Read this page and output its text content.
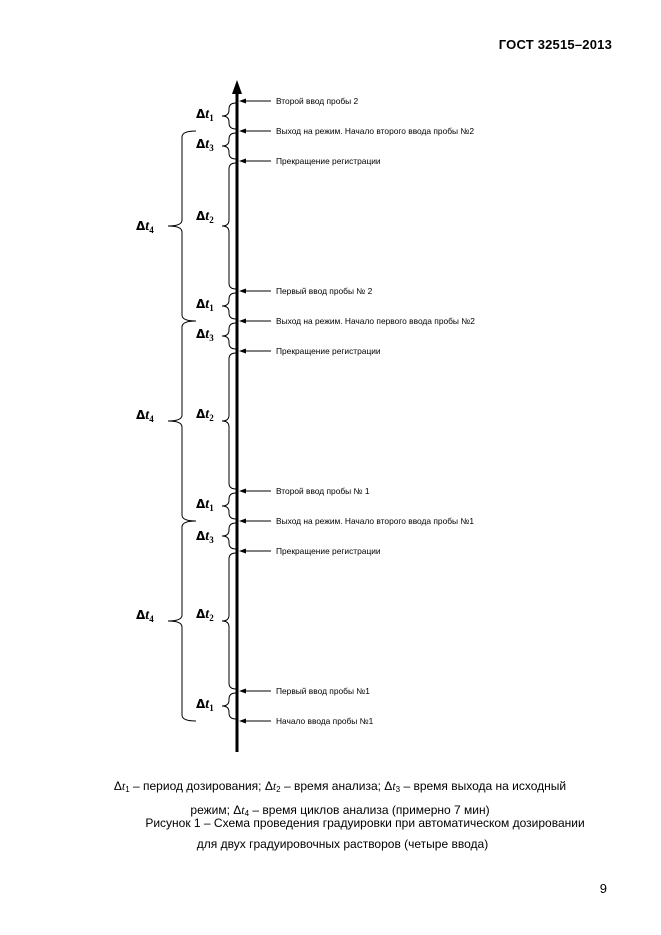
ГОСТ 32515–2013
Второй ввод пробы 2
Выход на режим. Начало второго ввода пробы №2
Прекращение регистрации
Первый ввод пробы № 2
Выход на режим. Начало первого ввода пробы №2
Прекращение регистрации
Второй ввод пробы № 1
Выход на режим. Начало второго ввода пробы №1
Прекращение регистрации
Первый ввод пробы №1
Начало ввода пробы №1
$\Delta t_1$
$\Delta t_3$
$\Delta t_2$
$\Delta t_1$
$\Delta t_3$
$\Delta t_2$
$\Delta t_1$
$\Delta t_3$
$\Delta t_2$
$\Delta t_1$
$\Delta t_4$
$\Delta t_4$
$\Delta t_4$
$\Delta t_1$ – период дозирования; $\Delta t_2$ – время анализа; $\Delta t_3$ – время выхода на исходный
режим; $\Delta t_4$ – время циклов анализа (примерно 7 мин)
Рисунок 1 – Схема проведения градуировки при автоматическом дозировании
для двух градуировочных растворов (четыре ввода)
9
